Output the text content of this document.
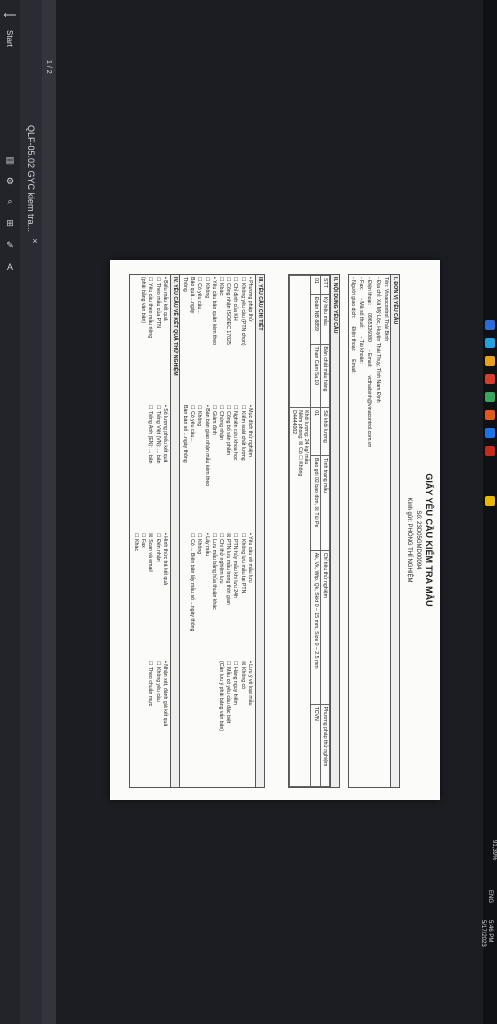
Start
QLF-05.02 GYC kiem tra...
×
1 / 2
⟵
▤
⚙
⌕
⊞
✎
A
GIẤY YÊU CẦU KIỂM TRA MẪU
Số: 23D05GMD00094
Kính gửi: PHÒNG THÍ NGHIỆM
I. ĐƠN VỊ YÊU CẦU
Tên: Vinaocontrol Thái Bình
- Địa chỉ: Xã Mỹ Lộc, Huyện Thái Thụy, Tỉnh Nam Định
- Điện thoại:
0965326080
- Email:
vcthaibinh@vinacontrol.com.vn
- Fax:
- Mã số thuế:
- Tài khoản:
- Người giao dịch:
Điện thoại:
Email:
II. NỘI DUNG YÊU CẦU
STT	Ký hiệu mẫu	Bản chất mẫu hàng	Số khối lượng	Tình trạng mẫu	Chỉ tiêu thử nghiệm	Phương pháp thử nghiệm
01	Đoản NB 8859	Than Cám 5a.10	01	Bao gói 02 bao đơn, ☒ Túi Pe	Ak, Vk, Wtp, Qk, Skkt 0 – 15 mm, Size 0 – 2.5 mm	TCVN

			Khối lượng: 24 kg/ mẫu
Niêm phong: ☒ Có ☐ Không
D4444002			
III. YÊU CẦU CHI TIẾT
• Phương pháp thử
☐ Không yêu cầu (PTN chọn)
☐ Chỉ định của KH
☐ Công nhận ISO/IEC 17025
☐ Khác:
• Yêu cầu bảo quản kèm theo
☐ Không
☐ Có yêu cầu...
Bảo quả ...ngày
Thông
• Mục đích thử nghiệm
☐ Kiểm soát chất lượng
☐ Nghiên cứu khoa học
☐ Công bố sản phẩm
☐ Chứng nhận
☐ Giám định
• Bàn bàn giao nhận mẫu kèm theo
☐ Không
☐ Có yêu cầu...
Bàn bàn số ...ngày thông
• Yêu cầu về mẫu lưu
☐ Không lưu mẫu tại PTN
☐ PTN hủy mẫu khi lưu 24h
☒ PTN lưu mẫu trong thời gian
☐ Chi thử nghiệm lưu
☐ Lưu mẫu bằng hủa thuận khác
• Lấy mẫu
☐ Không
☐ Có ... Biên bản lấy mẫu số ...ngày thông
• Lưu ý về loại mẫu
☒ Không có
☐ Hàng nguy hiểm
☐ Mẫu có yêu cầu đặc biệt
(Cần lưu ý phải bảng vấn bản)
IV. YÊU CẦU VỀ KẾT QUẢ THỬ NGHIỆM
• Biểu mẫu kết quả
☐ Theo mẫu của PTN
☐ Yêu cầu theo mẫu riêng
(phải bằng văn bản)
• Số lượng phiếu kết quả
☐ Tiếng Việt (VN): ... bản
☐ Tiếng Anh (EN): ... bản
• Hình thức trả kết quả
☐ Đến nhận
☒ Scan và email
☐ Fax
☐ Khác
• Nhận xét, đánh giá kết quả
☐ Không yêu cầu
☐ Theo chuẩn mực
91,39%
5:46 PM
5/17/2023
ENG
